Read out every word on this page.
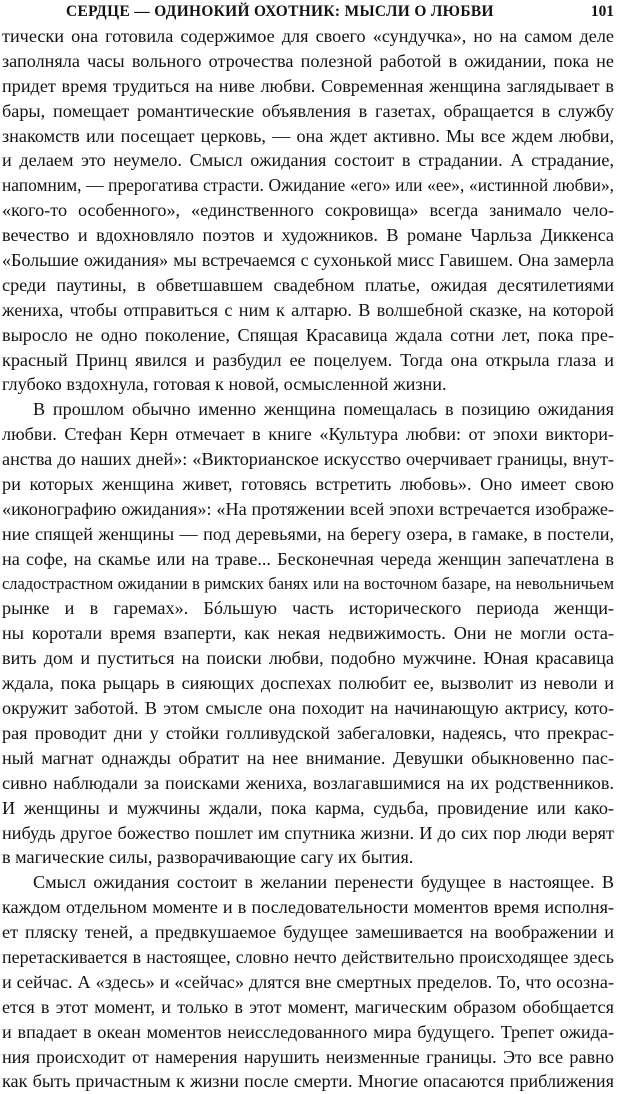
СЕРДЦЕ — ОДИНОКИЙ ОХОТНИК: МЫСЛИ О ЛЮБВИ	101
тически она готовила содержимое для своего «сундучка», но на самом деле
заполняла часы вольного отрочества полезной работой в ожидании, пока не
придет время трудиться на ниве любви. Современная женщина заглядывает в
бары, помещает романтические объявления в газетах, обращается в службу
знакомств или посещает церковь, — она ждет активно. Мы все ждем любви,
и делаем это неумело. Смысл ожидания состоит в страдании. А страдание,
напомним, — прерогатива страсти. Ожидание «его» или «ее», «истинной любви»,
«кого-то особенного», «единственного сокровища» всегда занимало чело-
вечество и вдохновляло поэтов и художников. В романе Чарльза Диккенса
«Большие ожидания» мы встречаемся с сухонькой мисс Гавишем. Она замерла
среди паутины, в обветшавшем свадебном платье, ожидая десятилетиями
жениха, чтобы отправиться с ним к алтарю. В волшебной сказке, на которой
выросло не одно поколение, Спящая Красавица ждала сотни лет, пока пре-
красный Принц явился и разбудил ее поцелуем. Тогда она открыла глаза и
глубоко вздохнула, готовая к новой, осмысленной жизни.
В прошлом обычно именно женщина помещалась в позицию ожидания
любви. Стефан Керн отмечает в книге «Культура любви: от эпохи виктори-
анства до наших дней»: «Викторианское искусство очерчивает границы, внут-
ри которых женщина живет, готовясь встретить любовь». Оно имеет свою
«иконографию ожидания»: «На протяжении всей эпохи встречается изображе-
ние спящей женщины — под деревьями, на берегу озера, в гамаке, в постели,
на софе, на скамье или на траве... Бесконечная череда женщин запечатлена в
сладострастном ожидании в римских банях или на восточном базаре, на невольничьем
рынке и в гаремах». Бóльшую часть исторического периода женщи-
ны коротали время взаперти, как некая недвижимость. Они не могли оста-
вить дом и пуститься на поиски любви, подобно мужчине. Юная красавица
ждала, пока рыцарь в сияющих доспехах полюбит ее, вызволит из неволи и
окружит заботой. В этом смысле она походит на начинающую актрису, кото-
рая проводит дни у стойки голливудской забегаловки, надеясь, что прекрас-
ный магнат однажды обратит на нее внимание. Девушки обыкновенно пас-
сивно наблюдали за поисками жениха, возлагавшимися на их родственников.
И женщины и мужчины ждали, пока карма, судьба, провидение или како-
нибудь другое божество пошлет им спутника жизни. И до сих пор люди верят
в магические силы, разворачивающие сагу их бытия.
Смысл ожидания состоит в желании перенести будущее в настоящее. В
каждом отдельном моменте и в последовательности моментов время исполня-
ет пляску теней, а предвкушаемое будущее замешивается на воображении и
перетаскивается в настоящее, словно нечто действительно происходящее здесь
и сейчас. А «здесь» и «сейчас» длятся вне смертных пределов. То, что осозна-
ется в этот момент, и только в этот момент, магическим образом обобщается
и впадает в океан моментов неисследованного мира будущего. Трепет ожида-
ния происходит от намерения нарушить неизменные границы. Это все равно
как быть причастным к жизни после смерти. Многие опасаются приближения
